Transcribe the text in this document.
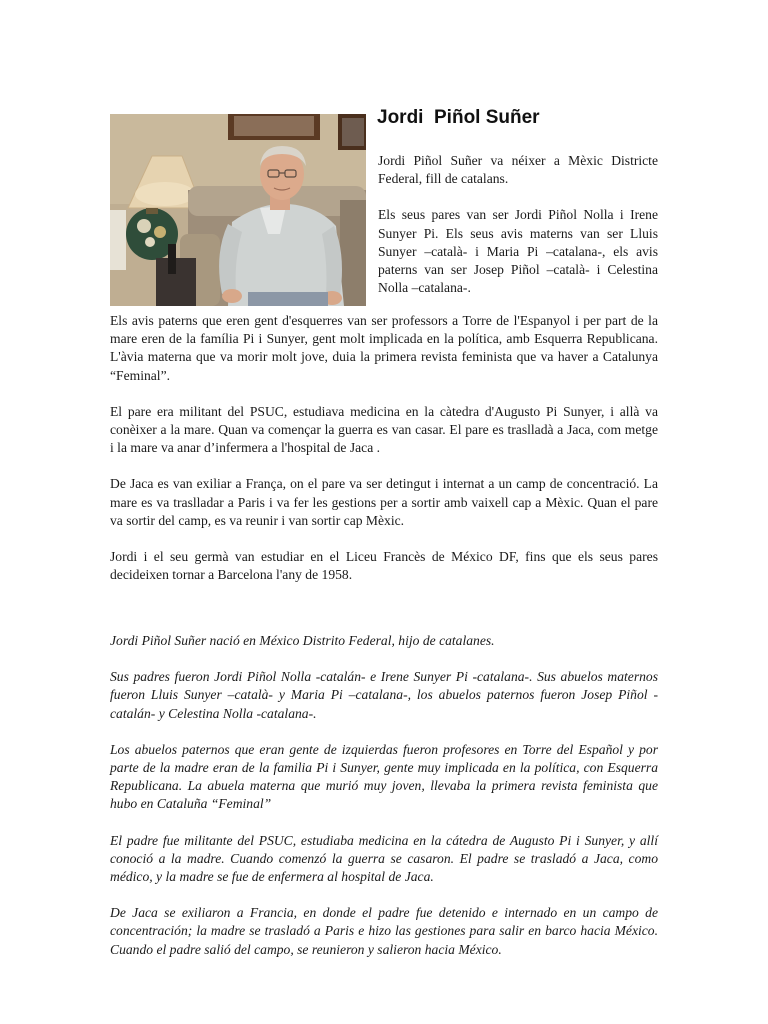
Jordi  Piñol Suñer

Jordi Piñol Suñer va néixer a Mèxic Districte Federal, fill de catalans.

Els seus pares van ser Jordi Piñol Nolla i Irene Sunyer Pi. Els seus avis materns van ser Lluis Sunyer –català- i Maria Pi –catalana-, els avis paterns van ser Josep Piñol –català- i Celestina Nolla –catalana-.

Els avis paterns que eren gent d'esquerres van ser professors a Torre de l'Espanyol i per part de la mare eren de la família Pi i Sunyer, gent molt implicada en la política, amb Esquerra Republicana. L'àvia materna que va morir molt jove, duia la primera revista feminista que va haver a Catalunya “Feminal”.

El pare era militant del PSUC, estudiava medicina en la càtedra d'Augusto Pi Sunyer, i allà va conèixer a la mare. Quan va començar la guerra es van casar. El pare es traslladà a Jaca, com metge i la mare va anar d’infermera a l'hospital de Jaca .

De Jaca es van exiliar a França, on el pare va ser detingut i internat a un camp de concentració. La mare es va traslladar a Paris i va fer les gestions per a sortir amb vaixell cap a Mèxic. Quan el pare va sortir del camp, es va reunir i van sortir cap Mèxic.

Jordi i el seu germà van estudiar en el Liceu Francès de México DF, fins que els seus pares decideixen tornar a Barcelona l'any de 1958.

Jordi Piñol Suñer nació en México Distrito Federal, hijo de catalanes.

Sus padres fueron Jordi Piñol Nolla -catalán- e Irene Sunyer Pi -catalana-. Sus abuelos maternos fueron Lluis Sunyer –català- y Maria Pi –catalana-, los abuelos paternos fueron Josep Piñol -catalán- y Celestina Nolla -catalana-.

Los abuelos paternos que eran gente de izquierdas fueron profesores en Torre del Español y por parte de la madre eran de la familia Pi i Sunyer, gente muy implicada en la política, con Esquerra Republicana. La abuela materna que murió muy joven, llevaba la primera revista feminista que hubo en Cataluña “Feminal”

El padre fue militante del PSUC, estudiaba medicina en la cátedra de Augusto Pi i Sunyer, y allí conoció a la madre. Cuando comenzó la guerra se casaron. El padre se trasladó a Jaca, como médico, y la madre se fue de enfermera al hospital de Jaca.

De Jaca se exiliaron a Francia, en donde el padre fue detenido e internado en un campo de concentración; la madre se trasladó a Paris e hizo las gestiones para salir en barco hacia México. Cuando el padre salió del campo, se reunieron y salieron hacia México.
